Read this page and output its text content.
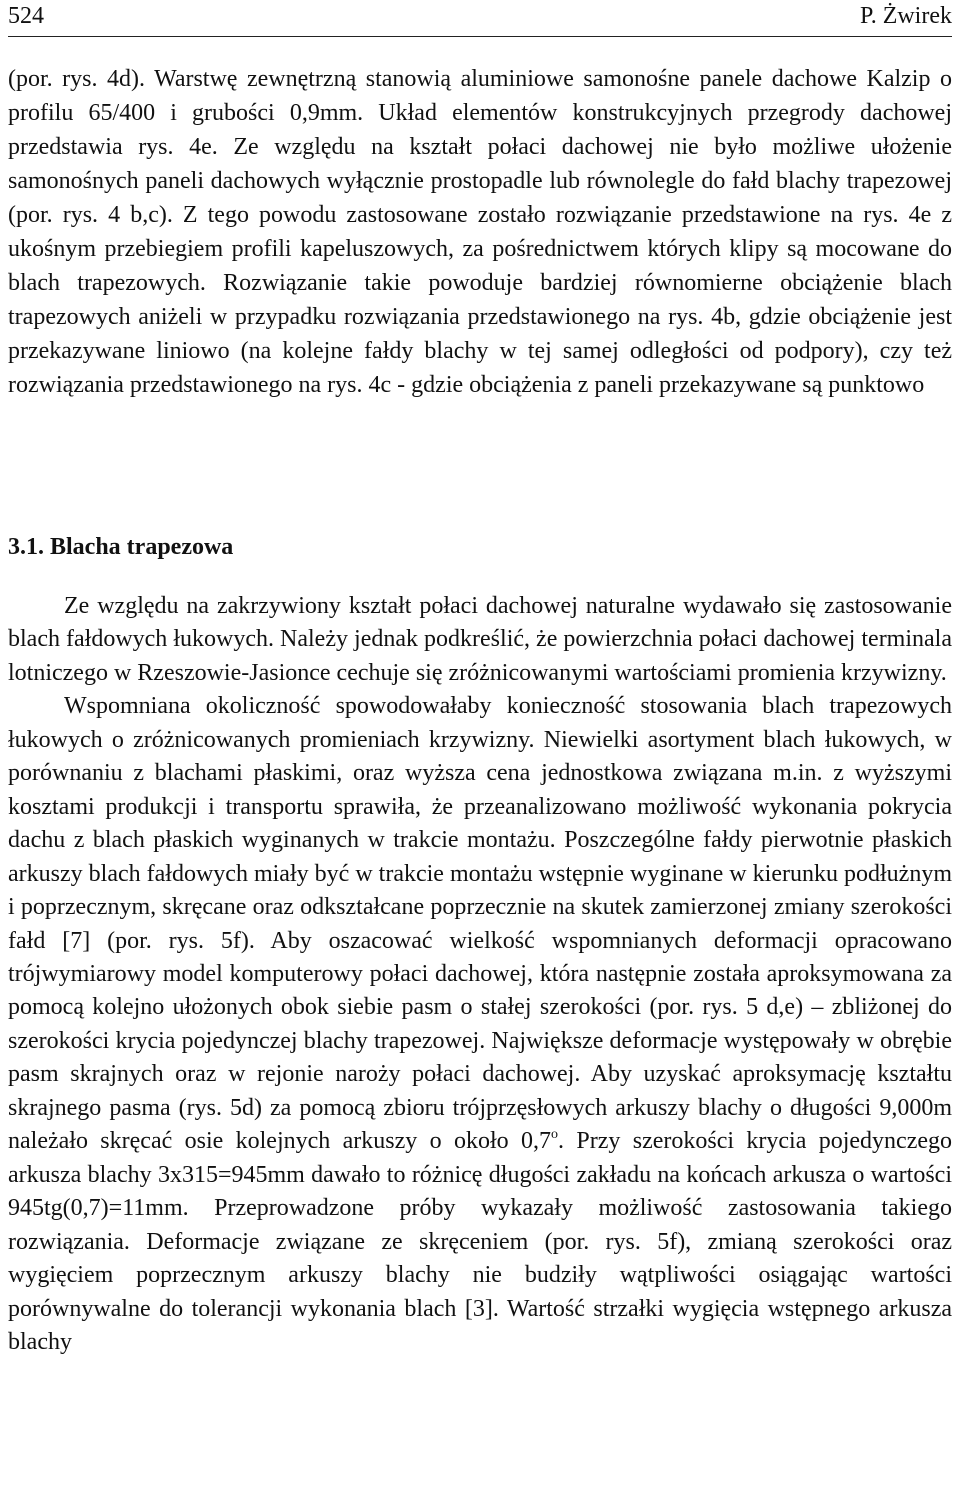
524	P. Żwirek

(por. rys. 4d). Warstwę zewnętrzną stanowią aluminiowe samonośne panele dachowe Kalzip o profilu 65/400 i grubości 0,9mm. Układ elementów konstrukcyjnych przegrody dachowej przedstawia rys. 4e. Ze względu na kształt połaci dachowej nie było możliwe ułożenie samonośnych paneli dachowych wyłącznie prostopadle lub równolegle do fałd blachy trapezowej (por. rys. 4 b,c). Z tego powodu zastosowane zostało rozwiązanie przedstawione na rys. 4e z ukośnym przebiegiem profili kapeluszowych, za pośrednictwem których klipy są mocowane do blach trapezowych. Rozwiązanie takie powoduje bardziej równomierne obciążenie blach trapezowych aniżeli w przypadku rozwiązania przedstawionego na rys. 4b, gdzie obciążenie jest przekazywane liniowo (na kolejne fałdy blachy w tej samej odległości od podpory), czy też rozwiązania przedstawionego na rys. 4c - gdzie obciążenia z paneli przekazywane są punktowo

3.1. Blacha trapezowa

Ze względu na zakrzywiony kształt połaci dachowej naturalne wydawało się zastosowanie blach fałdowych łukowych. Należy jednak podkreślić, że powierzchnia połaci dachowej terminala lotniczego w Rzeszowie-Jasionce cechuje się zróżnicowanymi wartościami promienia krzywizny.

Wspomniana okoliczność spowodowałaby konieczność stosowania blach trapezowych łukowych o zróżnicowanych promieniach krzywizny. Niewielki asortyment blach łukowych, w porównaniu z blachami płaskimi, oraz wyższa cena jednostkowa związana m.in. z wyższymi kosztami produkcji i transportu sprawiła, że przeanalizowano możliwość wykonania pokrycia dachu z blach płaskich wyginanych w trakcie montażu. Poszczególne fałdy pierwotnie płaskich arkuszy blach fałdowych miały być w trakcie montażu wstępnie wyginane w kierunku podłużnym i poprzecznym, skręcane oraz odkształcane poprzecznie na skutek zamierzonej zmiany szerokości fałd [7] (por. rys. 5f). Aby oszacować wielkość wspomnianych deformacji opracowano trójwymiarowy model komputerowy połaci dachowej, która następnie została aproksymowana za pomocą kolejno ułożonych obok siebie pasm o stałej szerokości (por. rys. 5 d,e) – zbliżonej do szerokości krycia pojedynczej blachy trapezowej. Największe deformacje występowały w obrębie pasm skrajnych oraz w rejonie naroży połaci dachowej. Aby uzyskać aproksymację kształtu skrajnego pasma (rys. 5d) za pomocą zbioru trójprzęsłowych arkuszy blachy o długości 9,000m należało skręcać osie kolejnych arkuszy o około 0,7$^o$. Przy szerokości krycia pojedynczego arkusza blachy 3x315=945mm dawało to różnicę długości zakładu na końcach arkusza o wartości 945tg(0,7)=11mm. Przeprowadzone próby wykazały możliwość zastosowania takiego rozwiązania. Deformacje związane ze skręceniem (por. rys. 5f), zmianą szerokości oraz wygięciem poprzecznym arkuszy blachy nie budziły wątpliwości osiągając wartości porównywalne do tolerancji wykonania blach [3]. Wartość strzałki wygięcia wstępnego arkusza blachy
